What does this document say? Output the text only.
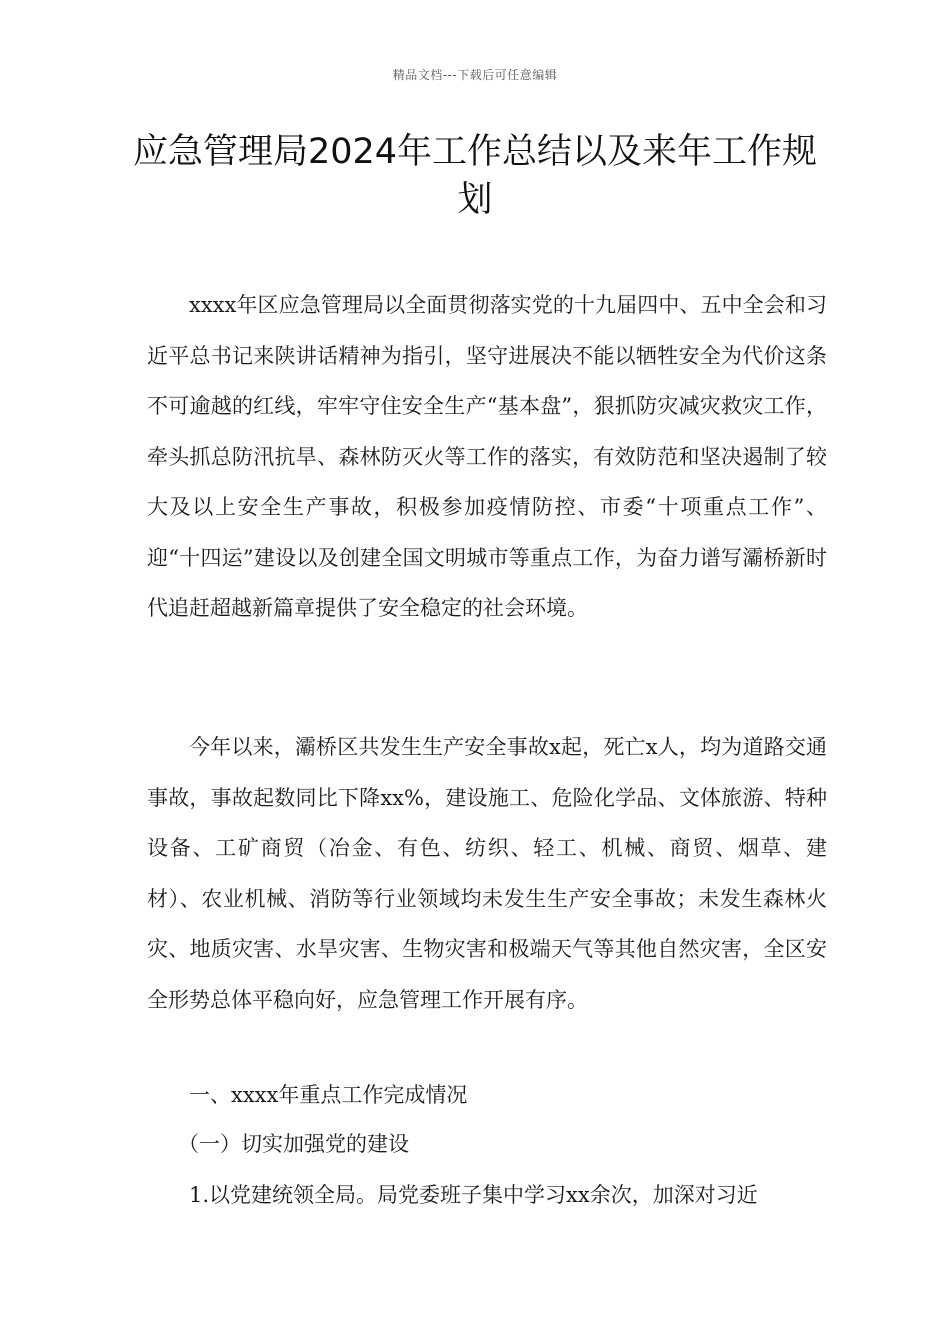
精品文档---下载后可任意编辑
应急管理局2024年工作总结以及来年工作规划

xxxx年区应急管理局以全面贯彻落实党的十九届四中、五中全会和习近平总书记来陕讲话精神为指引，坚守进展决不能以牺牲安全为代价这条不可逾越的红线，牢牢守住安全生产“基本盘”，狠抓防灾减灾救灾工作，牵头抓总防汛抗旱、森林防灭火等工作的落实，有效防范和坚决遏制了较大及以上安全生产事故，积极参加疫情防控、市委“十项重点工作”、迎“十四运”建设以及创建全国文明城市等重点工作，为奋力谱写灞桥新时代追赶超越新篇章提供了安全稳定的社会环境。

今年以来，灞桥区共发生生产安全事故x起，死亡x人，均为道路交通事故，事故起数同比下降xx%，建设施工、危险化学品、文体旅游、特种设备、工矿商贸（冶金、有色、纺织、轻工、机械、商贸、烟草、建材）、农业机械、消防等行业领域均未发生生产安全事故；未发生森林火灾、地质灾害、水旱灾害、生物灾害和极端天气等其他自然灾害，全区安全形势总体平稳向好，应急管理工作开展有序。

一、xxxx年重点工作完成情况

（一）切实加强党的建设

1.以党建统领全局。局党委班子集中学习xx余次，加深对习近
